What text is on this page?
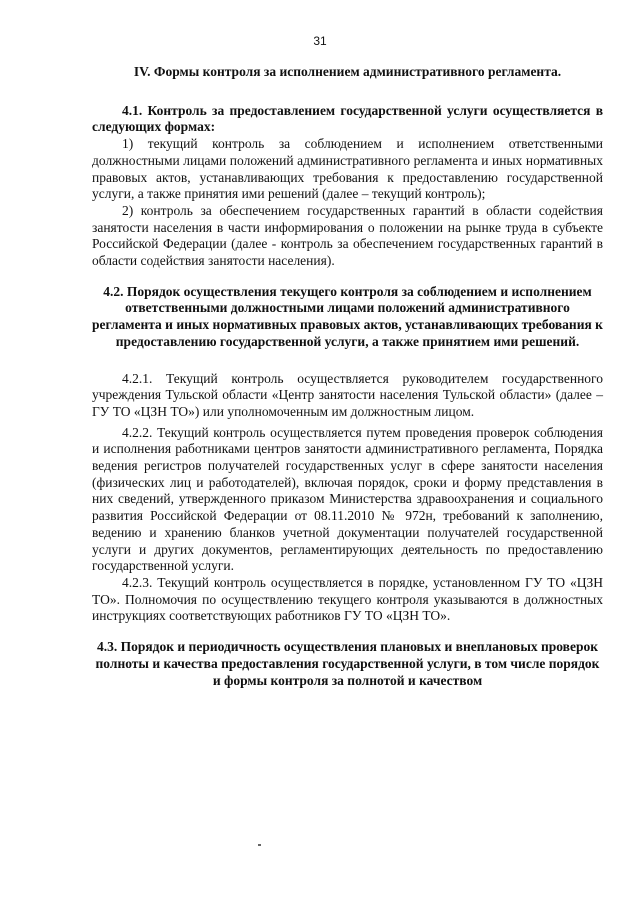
31

IV. Формы контроля за исполнением административного регламента.

4.1. Контроль за предоставлением государственной услуги осуществляется в следующих формах:

1) текущий контроль за соблюдением и исполнением ответственными должностными лицами положений административного регламента и иных нормативных правовых актов, устанавливающих требования к предоставлению государственной услуги, а также принятия ими решений (далее – текущий контроль);

2) контроль за обеспечением государственных гарантий в области содействия занятости населения в части информирования о положении на рынке труда в субъекте Российской Федерации (далее - контроль за обеспечением государственных гарантий в области содействия занятости населения).

4.2. Порядок осуществления текущего контроля за соблюдением и исполнением ответственными должностными лицами положений административного регламента и иных нормативных правовых актов, устанавливающих требования к предоставлению государственной услуги, а также принятием ими решений.

4.2.1. Текущий контроль осуществляется руководителем государственного учреждения Тульской области «Центр занятости населения Тульской области» (далее – ГУ ТО «ЦЗН ТО») или уполномоченным им должностным лицом.

4.2.2. Текущий контроль осуществляется путем проведения проверок соблюдения и исполнения работниками центров занятости административного регламента, Порядка ведения регистров получателей государственных услуг в сфере занятости населения (физических лиц и работодателей), включая порядок, сроки и форму представления в них сведений, утвержденного приказом Министерства здравоохранения и социального развития Российской Федерации от 08.11.2010 № 972н, требований к заполнению, ведению и хранению бланков учетной документации получателей государственной услуги и других документов, регламентирующих деятельность по предоставлению государственной услуги.

4.2.3. Текущий контроль осуществляется в порядке, установленном ГУ ТО «ЦЗН ТО». Полномочия по осуществлению текущего контроля указываются в должностных инструкциях соответствующих работников ГУ ТО «ЦЗН ТО».

4.3. Порядок и периодичность осуществления плановых и внеплановых проверок полноты и качества предоставления государственной услуги, в том числе порядок и формы контроля за полнотой и качеством
